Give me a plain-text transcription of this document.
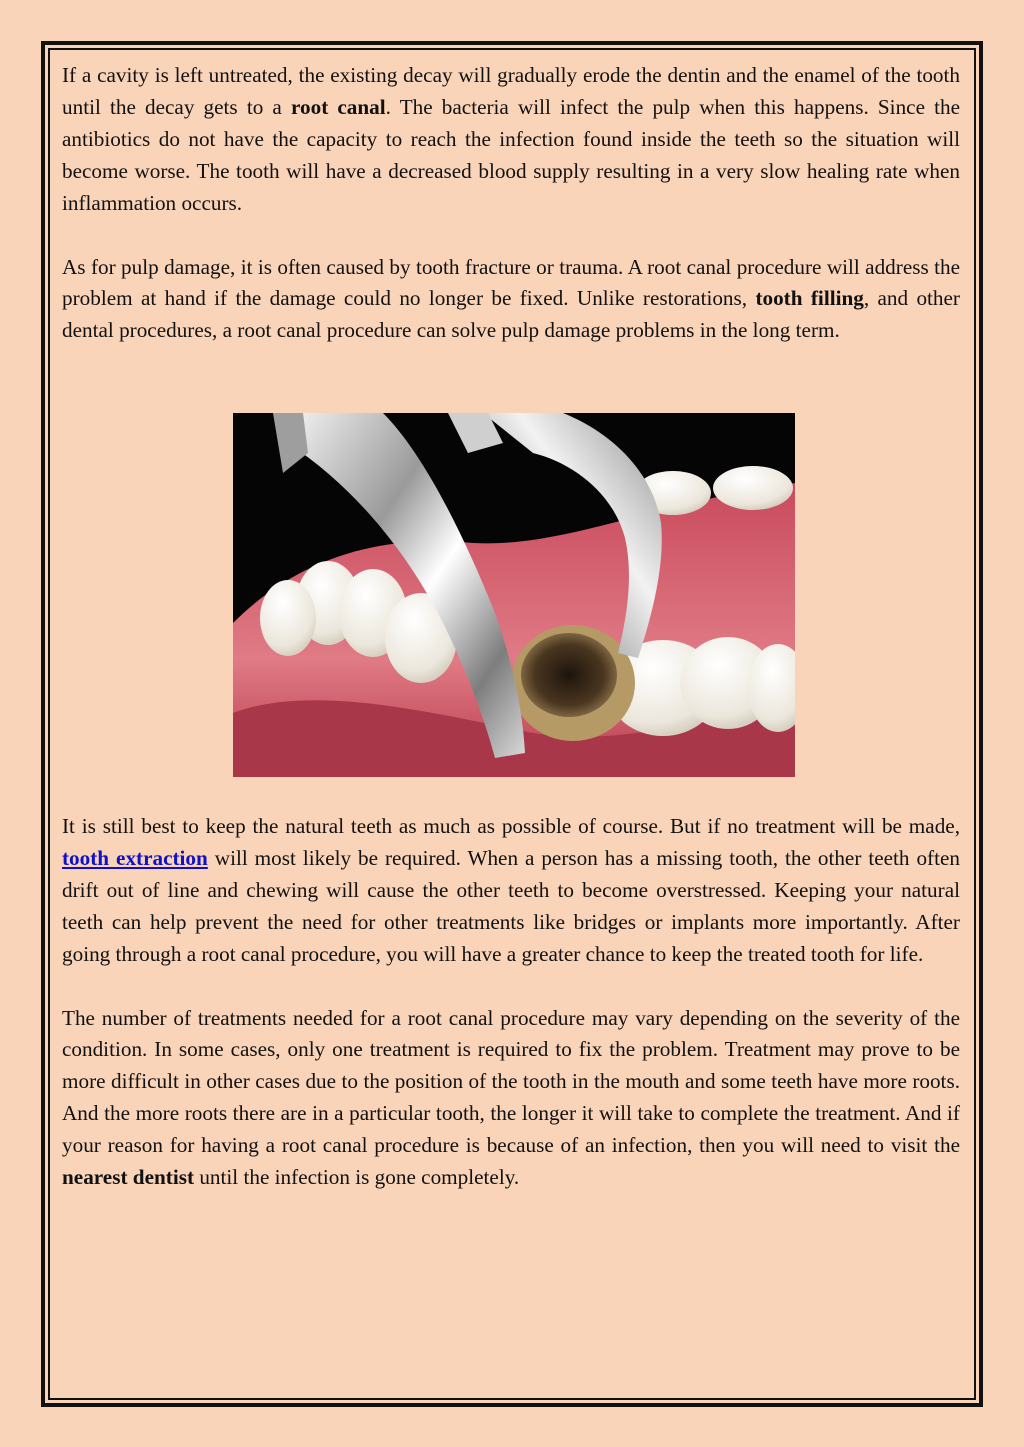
If a cavity is left untreated, the existing decay will gradually erode the dentin and the enamel of the tooth until the decay gets to a root canal. The bacteria will infect the pulp when this happens. Since the antibiotics do not have the capacity to reach the infection found inside the teeth so the situation will become worse. The tooth will have a decreased blood supply resulting in a very slow healing rate when inflammation occurs.

As for pulp damage, it is often caused by tooth fracture or trauma. A root canal procedure will address the problem at hand if the damage could no longer be fixed. Unlike restorations, tooth filling, and other dental procedures, a root canal procedure can solve pulp damage problems in the long term.

It is still best to keep the natural teeth as much as possible of course. But if no treatment will be made, tooth extraction will most likely be required. When a person has a missing tooth, the other teeth often drift out of line and chewing will cause the other teeth to become overstressed. Keeping your natural teeth can help prevent the need for other treatments like bridges or implants more importantly. After going through a root canal procedure, you will have a greater chance to keep the treated tooth for life.

The number of treatments needed for a root canal procedure may vary depending on the severity of the condition. In some cases, only one treatment is required to fix the problem. Treatment may prove to be more difficult in other cases due to the position of the tooth in the mouth and some teeth have more roots. And the more roots there are in a particular tooth, the longer it will take to complete the treatment. And if your reason for having a root canal procedure is because of an infection, then you will need to visit the nearest dentist until the infection is gone completely.
